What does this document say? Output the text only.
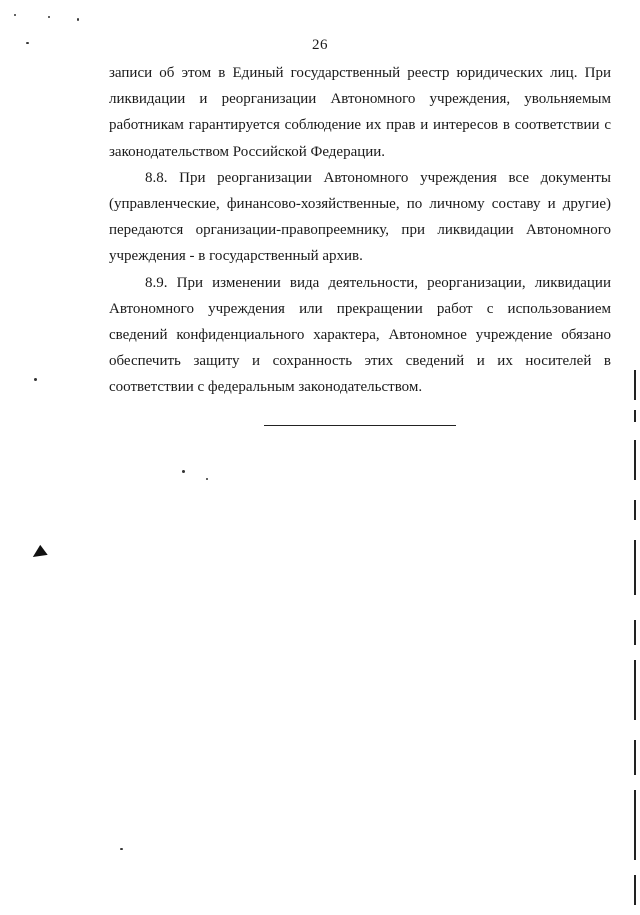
26
записи об этом в Единый государственный реестр юридических лиц. При
ликвидации и реорганизации Автономного учреждения, увольняемым
работникам гарантируется соблюдение их прав и интересов в соответствии с
законодательством Российской Федерации.
8.8. При реорганизации Автономного учреждения все документы
(управленческие, финансово-хозяйственные, по личному составу и другие)
передаются организации-правопреемнику, при ликвидации Автономного
учреждения - в государственный архив.
8.9. При изменении вида деятельности, реорганизации, ликвидации
Автономного учреждения или прекращении работ с использованием
сведений конфиденциального характера, Автономное учреждение обязано
обеспечить защиту и сохранность этих сведений и их носителей в
соответствии с федеральным законодательством.
